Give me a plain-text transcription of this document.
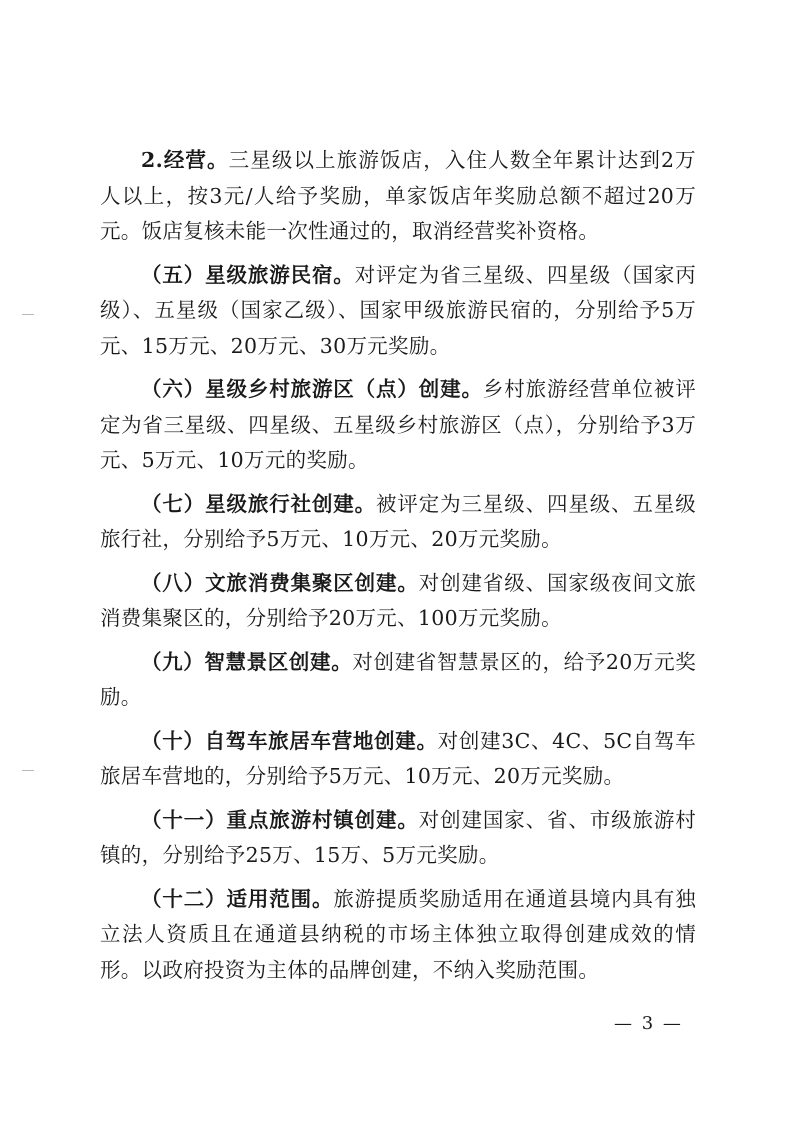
2.经营。三星级以上旅游饭店，入住人数全年累计达到2万人以上，按3元/人给予奖励，单家饭店年奖励总额不超过20万元。饭店复核未能一次性通过的，取消经营奖补资格。

（五）星级旅游民宿。对评定为省三星级、四星级（国家丙级）、五星级（国家乙级）、国家甲级旅游民宿的，分别给予5万元、15万元、20万元、30万元奖励。

（六）星级乡村旅游区（点）创建。乡村旅游经营单位被评定为省三星级、四星级、五星级乡村旅游区（点），分别给予3万元、5万元、10万元的奖励。

（七）星级旅行社创建。被评定为三星级、四星级、五星级旅行社，分别给予5万元、10万元、20万元奖励。

（八）文旅消费集聚区创建。对创建省级、国家级夜间文旅消费集聚区的，分别给予20万元、100万元奖励。

（九）智慧景区创建。对创建省智慧景区的，给予20万元奖励。

（十）自驾车旅居车营地创建。对创建3C、4C、5C自驾车旅居车营地的，分别给予5万元、10万元、20万元奖励。

（十一）重点旅游村镇创建。对创建国家、省、市级旅游村镇的，分别给予25万、15万、5万元奖励。

（十二）适用范围。旅游提质奖励适用在通道县境内具有独立法人资质且在通道县纳税的市场主体独立取得创建成效的情形。以政府投资为主体的品牌创建，不纳入奖励范围。

— 3 —
